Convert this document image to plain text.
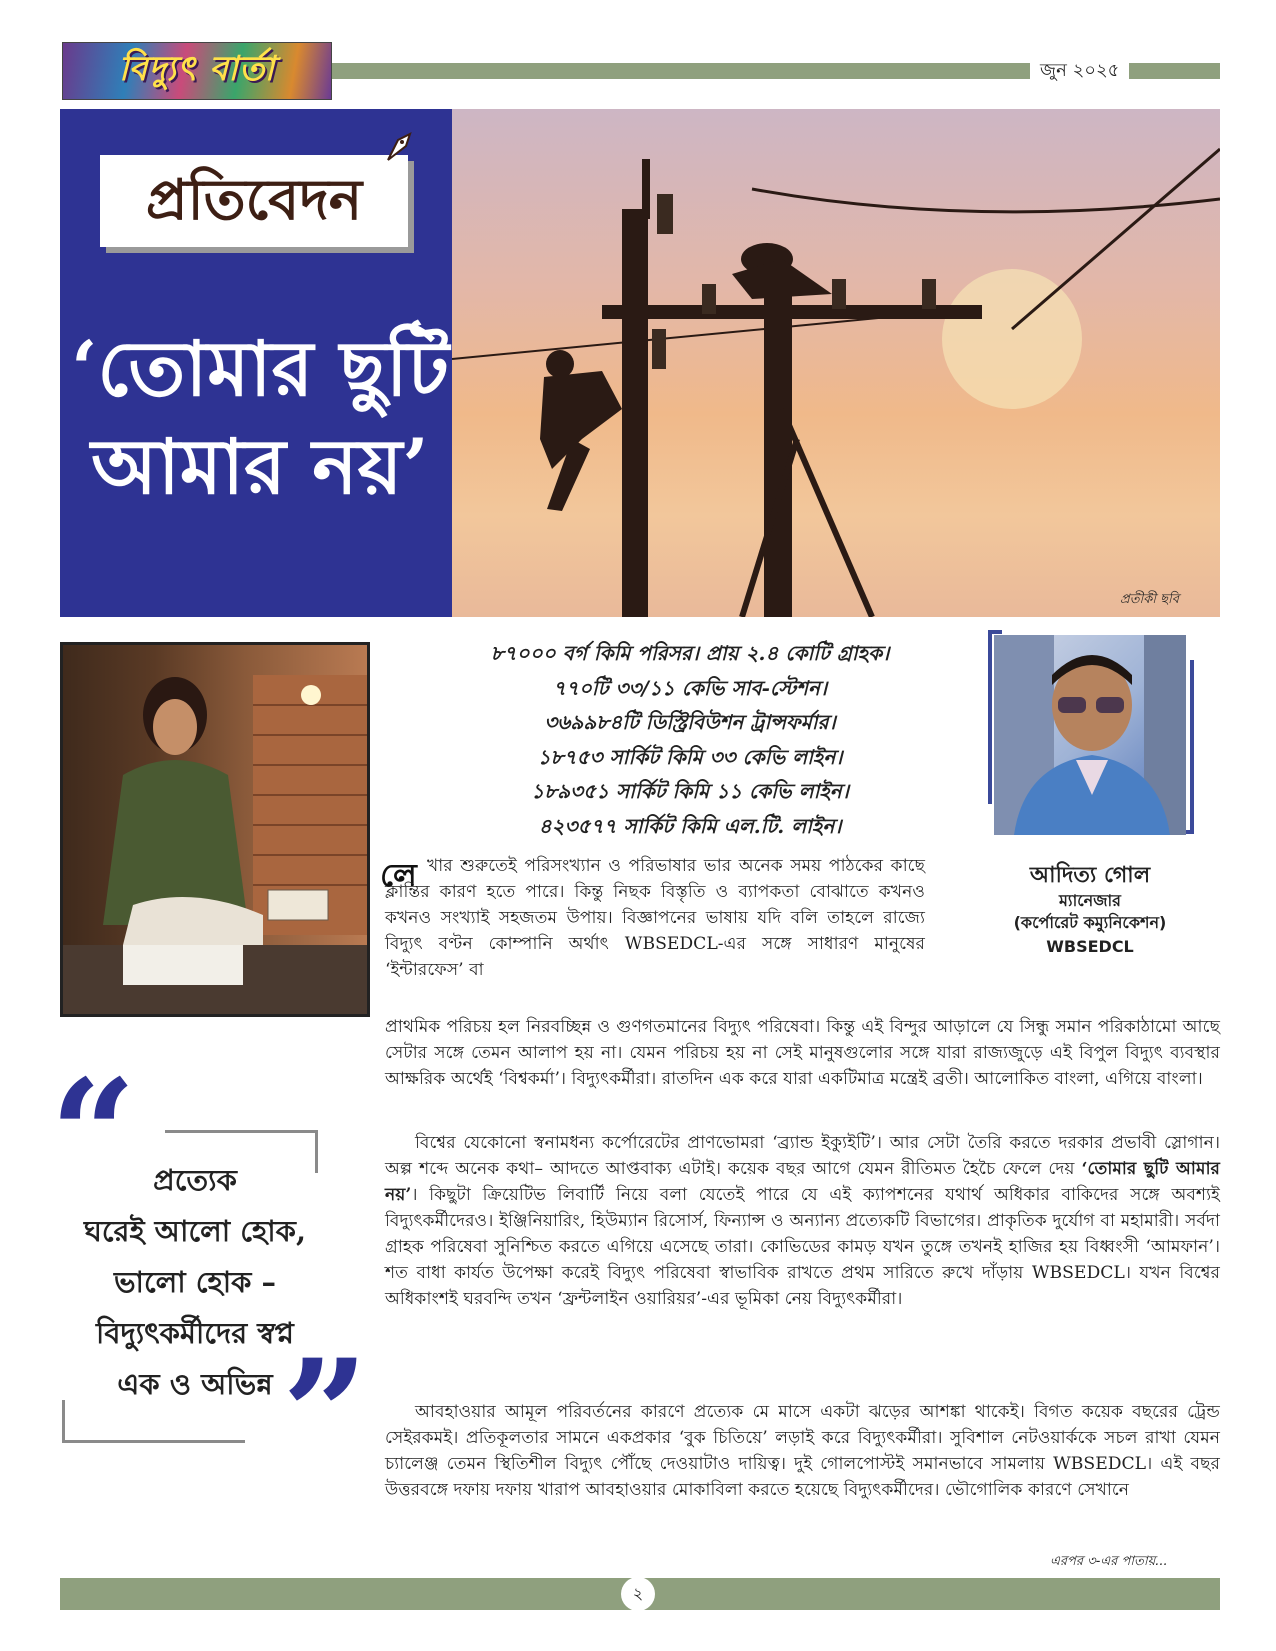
বিদ্যুৎ বার্তা	জুন ২০২৫
প্রতিবেদন
‘তোমার ছুটি
আমার নয়’
প্রতীকী ছবি
৮৭০০০ বর্গ কিমি পরিসর। প্রায় ২.৪ কোটি গ্রাহক।
৭৭০টি ৩৩/১১ কেভি সাব-স্টেশন।
৩৬৯৯৮৪টি ডিস্ট্রিবিউশন ট্রান্সফর্মার।
১৮৭৫৩ সার্কিট কিমি ৩৩ কেভি লাইন।
১৮৯৩৫১ সার্কিট কিমি ১১ কেভি লাইন।
৪২৩৫৭৭ সার্কিট কিমি এল.টি. লাইন।
আদিত্য গোল
ম্যানেজার
(কর্পোরেট কম্যুনিকেশন)
WBSEDCL
লে খার শুরুতেই পরিসংখ্যান ও পরিভাষার ভার অনেক সময় পাঠকের কাছে ক্লান্তির কারণ হতে পারে। কিন্তু নিছক বিস্তৃতি ও ব্যাপকতা বোঝাতে কখনও কখনও সংখ্যাই সহজতম উপায়। বিজ্ঞাপনের ভাষায় যদি বলি তাহলে রাজ্যে বিদ্যুৎ বণ্টন কোম্পানি অর্থাৎ WBSEDCL-এর সঙ্গে সাধারণ মানুষের ‘ইন্টারফেস’ বা

প্রাথমিক পরিচয় হল নিরবচ্ছিন্ন ও গুণগতমানের বিদ্যুৎ পরিষেবা। কিন্তু এই বিন্দুর আড়ালে যে সিন্ধু সমান পরিকাঠামো আছে সেটার সঙ্গে তেমন আলাপ হয় না। যেমন পরিচয় হয় না সেই মানুষগুলোর সঙ্গে যারা রাজ্যজুড়ে এই বিপুল বিদ্যুৎ ব্যবস্থার আক্ষরিক অর্থেই ‘বিশ্বকর্মা’। বিদ্যুৎকর্মীরা। রাতদিন এক করে যারা একটিমাত্র মন্ত্রেই ব্রতী। আলোকিত বাংলা, এগিয়ে বাংলা।

বিশ্বের যেকোনো স্বনামধন্য কর্পোরেটের প্রাণভোমরা ‘ব্র্যান্ড ইক্যুইটি’। আর সেটা তৈরি করতে দরকার প্রভাবী স্লোগান। অল্প শব্দে অনেক কথা– আদতে আপ্তবাক্য এটাই। কয়েক বছর আগে যেমন রীতিমত হৈচৈ ফেলে দেয় ‘তোমার ছুটি আমার নয়’। কিছুটা ক্রিয়েটিভ লিবার্টি নিয়ে বলা যেতেই পারে যে এই ক্যাপশনের যথার্থ অধিকার বাকিদের সঙ্গে অবশ্যই বিদ্যুৎকর্মীদেরও। ইঞ্জিনিয়ারিং, হিউম্যান রিসোর্স, ফিন্যান্স ও অন্যান্য প্রত্যেকটি বিভাগের। প্রাকৃতিক দুর্যোগ বা মহামারী। সর্বদা গ্রাহক পরিষেবা সুনিশ্চিত করতে এগিয়ে এসেছে তারা। কোভিডের কামড় যখন তুঙ্গে তখনই হাজির হয় বিধ্বংসী ‘আমফান’। শত বাধা কার্যত উপেক্ষা করেই বিদ্যুৎ পরিষেবা স্বাভাবিক রাখতে প্রথম সারিতে রুখে দাঁড়ায় WBSEDCL। যখন বিশ্বের অধিকাংশই ঘরবন্দি তখন ‘ফ্রন্টলাইন ওয়ারিয়র’-এর ভূমিকা নেয় বিদ্যুৎকর্মীরা।

আবহাওয়ার আমূল পরিবর্তনের কারণে প্রত্যেক মে মাসে একটা ঝড়ের আশঙ্কা থাকেই। বিগত কয়েক বছরের ট্রেন্ড সেইরকমই। প্রতিকূলতার সামনে একপ্রকার ‘বুক চিতিয়ে’ লড়াই করে বিদ্যুৎকর্মীরা। সুবিশাল নেটওয়ার্ককে সচল রাখা যেমন চ্যালেঞ্জ তেমন স্থিতিশীল বিদ্যুৎ পৌঁছে দেওয়াটাও দায়িত্ব। দুই গোলপোস্টই সমানভাবে সামলায় WBSEDCL। এই বছর উত্তরবঙ্গে দফায় দফায় খারাপ আবহাওয়ার মোকাবিলা করতে হয়েছে বিদ্যুৎকর্মীদের। ভৌগোলিক কারণে সেখানে

এরপর ৩-এর পাতায়...
“
”
প্রত্যেক
ঘরেই আলো হোক,
ভালো হোক –
বিদ্যুৎকর্মীদের স্বপ্ন
এক ও অভিন্ন
২
